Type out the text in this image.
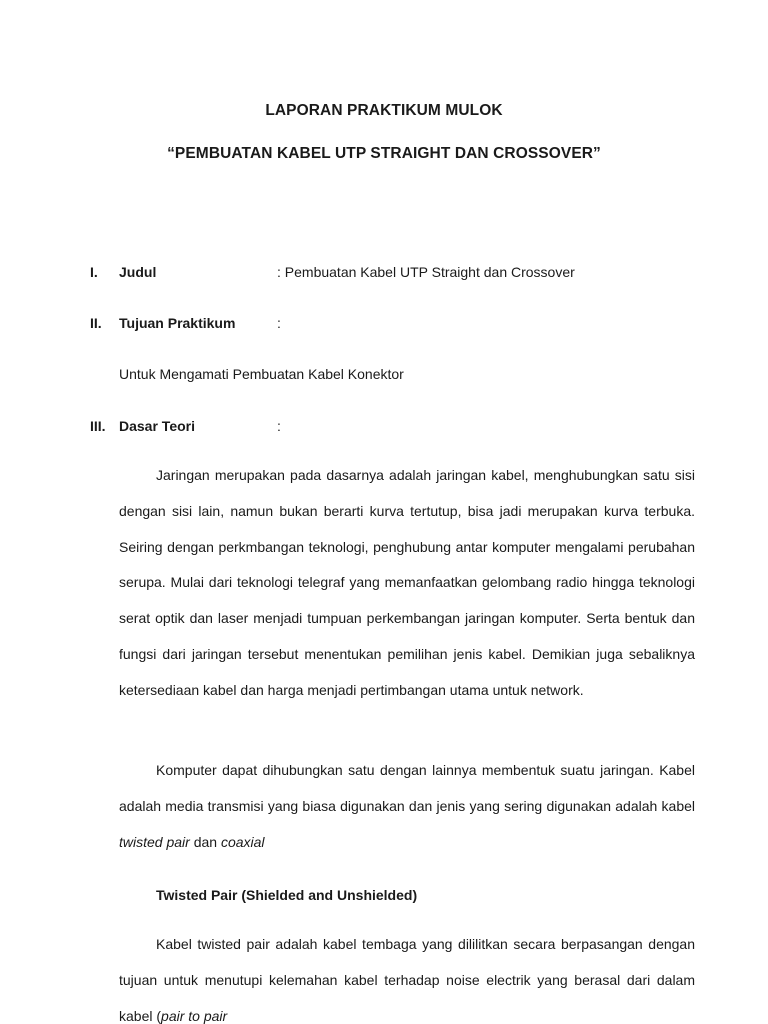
LAPORAN PRAKTIKUM MULOK
“PEMBUATAN KABEL UTP STRAIGHT DAN CROSSOVER”
I. Judul	: Pembuatan Kabel UTP Straight dan Crossover
II. Tujuan Praktikum	:
Untuk Mengamati Pembuatan Kabel Konektor
III. Dasar Teori	:
Jaringan merupakan pada dasarnya adalah jaringan kabel, menghubungkan satu sisi dengan sisi lain, namun bukan berarti kurva tertutup, bisa jadi merupakan kurva terbuka. Seiring dengan perkmbangan teknologi, penghubung antar komputer mengalami perubahan serupa. Mulai dari teknologi telegraf yang memanfaatkan gelombang radio hingga teknologi serat optik dan laser menjadi tumpuan perkembangan jaringan komputer. Serta bentuk dan fungsi dari jaringan tersebut menentukan pemilihan jenis kabel. Demikian juga sebaliknya ketersediaan kabel dan harga menjadi pertimbangan utama untuk network.
Komputer dapat dihubungkan satu dengan lainnya membentuk suatu jaringan. Kabel adalah media transmisi yang biasa digunakan dan jenis yang sering digunakan adalah kabel twisted pair dan coaxial
Twisted Pair (Shielded and Unshielded)
Kabel twisted pair adalah kabel tembaga yang dililitkan secara berpasangan dengan tujuan untuk menutupi kelemahan kabel terhadap noise electrik yang berasal dari dalam kabel (pair to pair
